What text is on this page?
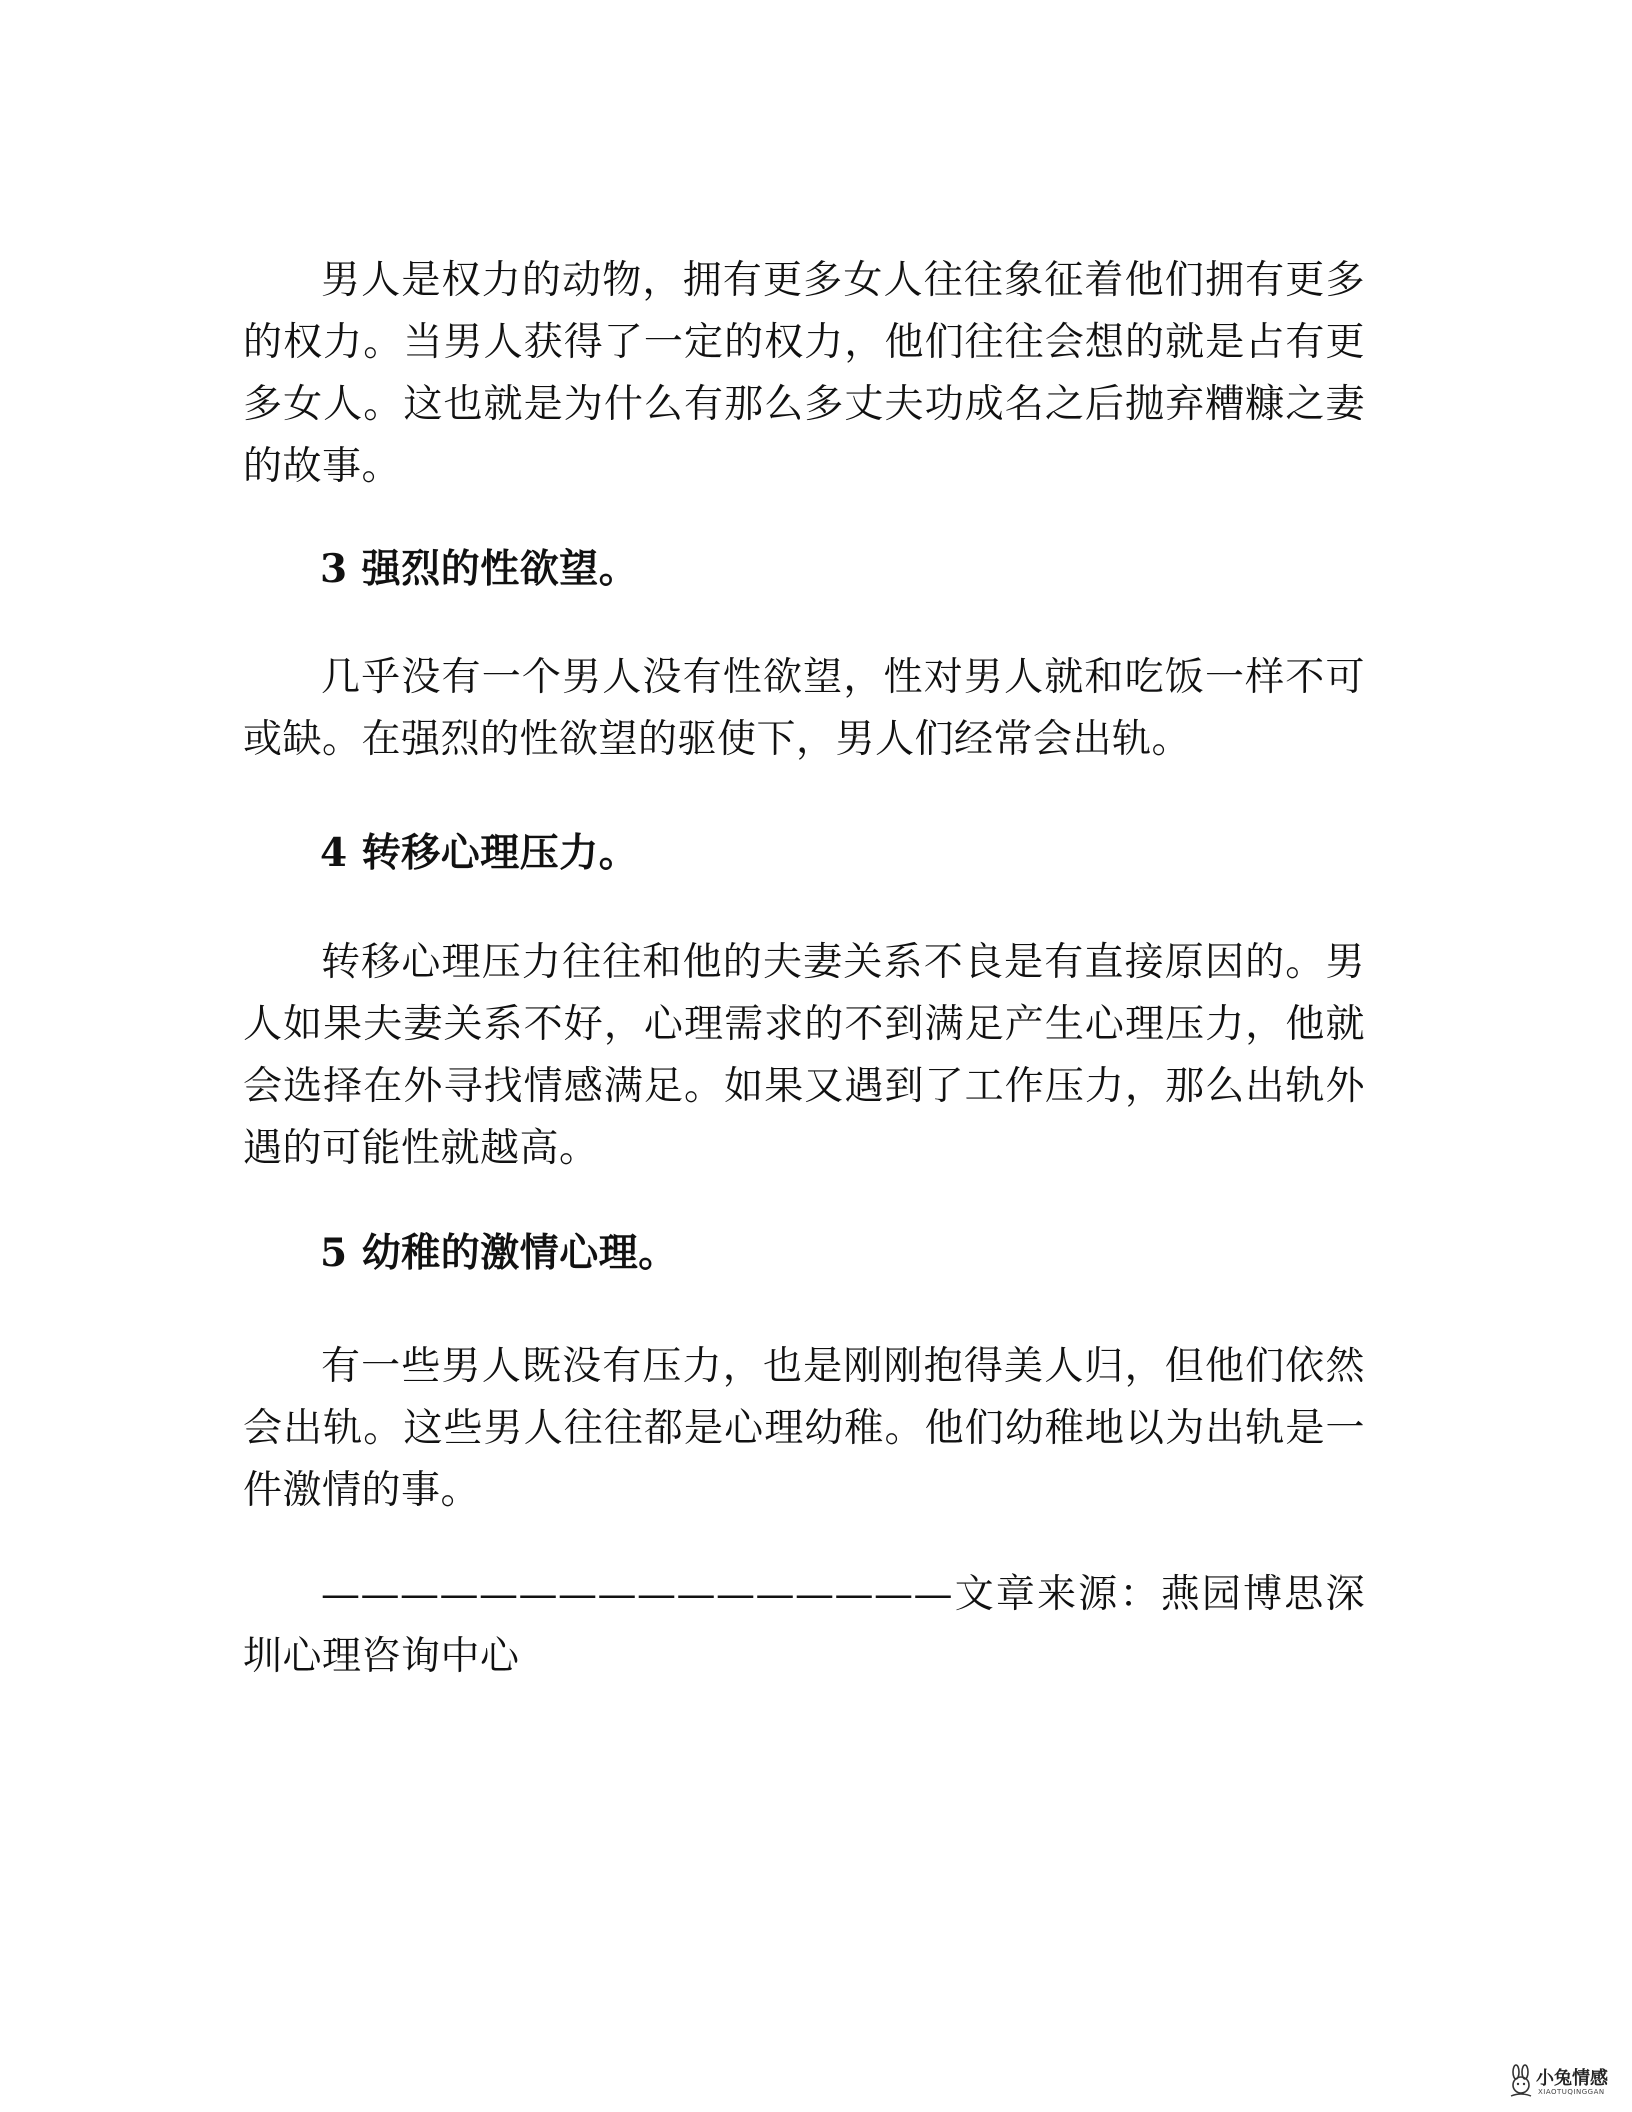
男人是权力的动物，拥有更多女人往往象征着他们拥有更多的权力。当男人获得了一定的权力，他们往往会想的就是占有更多女人。这也就是为什么有那么多丈夫功成名之后抛弃糟糠之妻的故事。
3 强烈的性欲望。
几乎没有一个男人没有性欲望，性对男人就和吃饭一样不可或缺。在强烈的性欲望的驱使下，男人们经常会出轨。
4 转移心理压力。
转移心理压力往往和他的夫妻关系不良是有直接原因的。男人如果夫妻关系不好，心理需求的不到满足产生心理压力，他就会选择在外寻找情感满足。如果又遇到了工作压力，那么出轨外遇的可能性就越高。
5 幼稚的激情心理。
有一些男人既没有压力，也是刚刚抱得美人归，但他们依然会出轨。这些男人往往都是心理幼稚。他们幼稚地以为出轨是一件激情的事。
————————————————文章来源：燕园博思深圳心理咨询中心
小兔情感
XIAOTUQINGGAN
